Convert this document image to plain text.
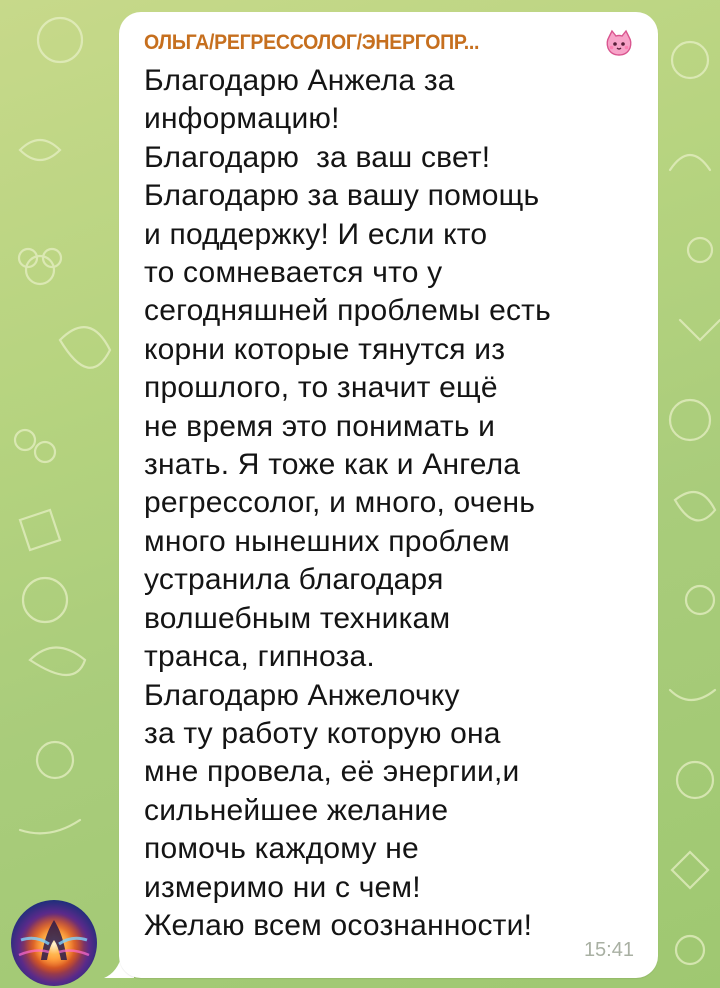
ОЛЬГА/РЕГРЕССОЛОГ/ЭНЕРГОПР...
Благодарю Анжела за
информацию!
Благодарю  за ваш свет!
Благодарю за вашу помощь
и поддержку! И если кто
то сомневается что у
сегодняшней проблемы есть
корни которые тянутся из
прошлого, то значит ещё
не время это понимать и
знать. Я тоже как и Ангела
регрессолог, и много, очень
много нынешних проблем
устранила благодаря
волшебным техникам
транса, гипноза.
Благодарю Анжелочку
за ту работу которую она
мне провела, её энергии,и
сильнейшее желание
помочь каждому не
измеримо ни с чем!
Желаю всем осознанности!
15:41
